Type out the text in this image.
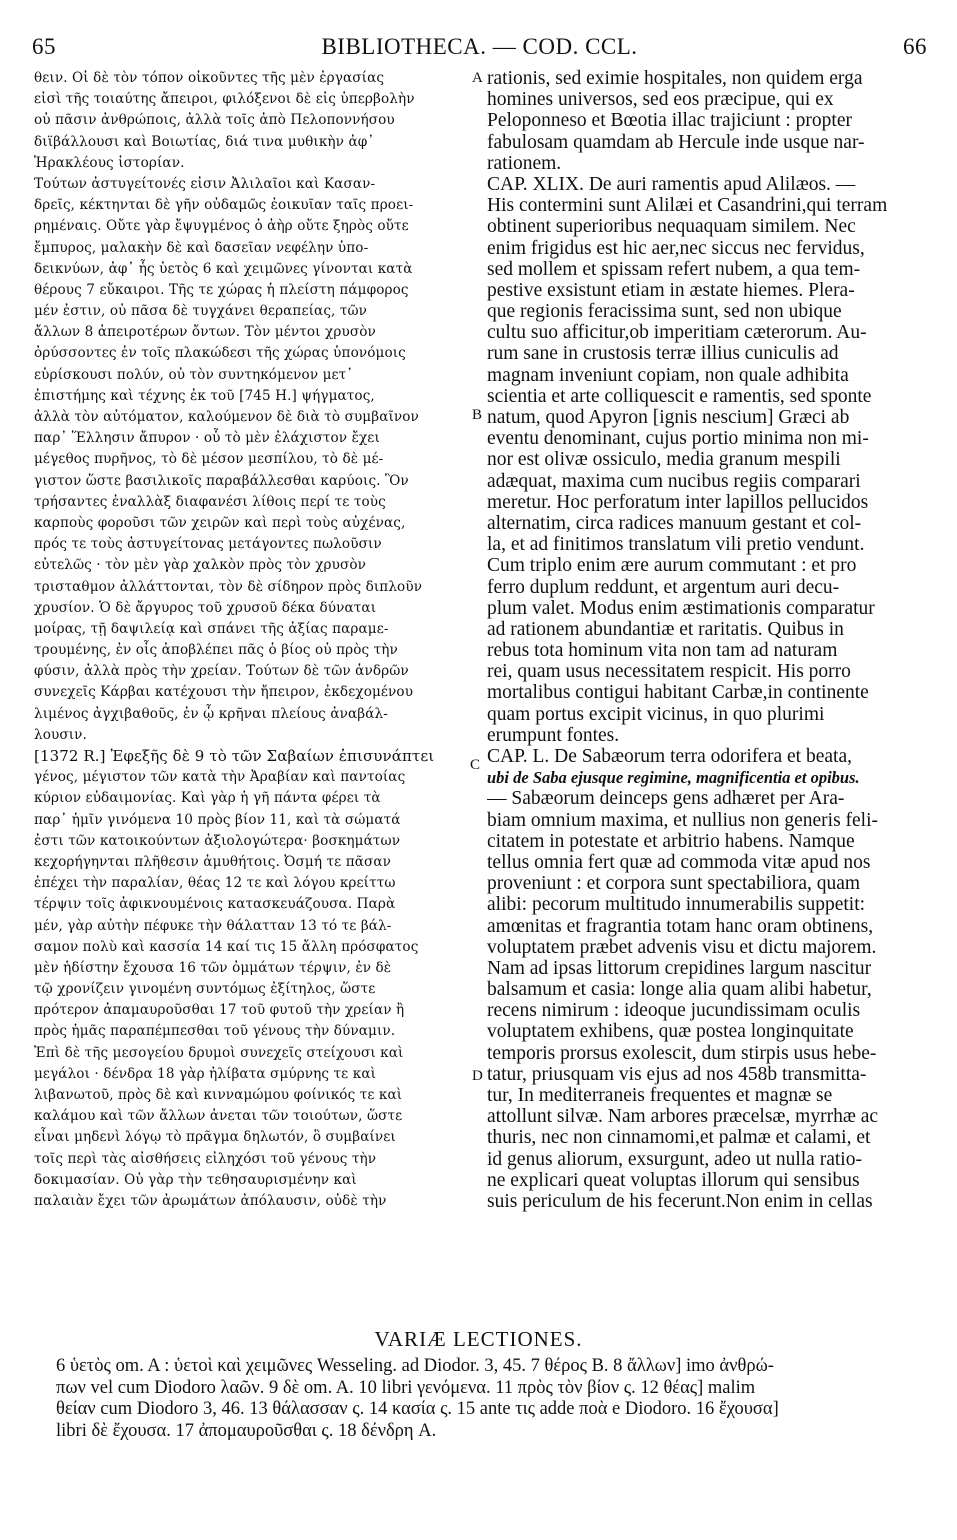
65	BIBLIOTHECA. — COD. CCL.	66
θειν. Οἱ δὲ τὸν τόπον οἰκοῦντες τῆς μὲν ἐργασίας
εἰσὶ τῆς τοιαύτης ἄπειροι, φιλόξενοι δὲ εἰς ὑπερβολὴν
οὐ πᾶσιν ἀνθρώποις, ἀλλὰ τοῖς ἀπὸ Πελοποννήσου
διϊβάλλουσι καὶ Βοιωτίας, διά τινα μυθικὴν ἀφ᾽
Ἡρακλέους ἱστορίαν.
Τούτων ἀστυγείτονές εἰσιν Ἀλιλαῖοι καὶ Κασαν-
δρεῖς, κέκτηνται δὲ γῆν οὐδαμῶς ἐοικυῖαν ταῖς προει-
ρημέναις. Οὔτε γὰρ ἔψυγμένος ὁ ἀὴρ οὔτε ξηρὸς οὔτε
ἔμπυρος, μαλακὴν δὲ καὶ δασεῖαν νεφέλην ὑπο-
δεικνύων, ἀφ᾽ ἧς ὑετὸς 6 καὶ χειμῶνες γίνονται κατὰ
θέρους 7 εὔκαιροι. Τῆς τε χώρας ἡ πλείστη πάμφορος
μέν ἐστιν, οὐ πᾶσα δὲ τυγχάνει θεραπείας, τῶν
ἄλλων 8 ἀπειροτέρων ὄντων. Τὸν μέντοι χρυσὸν
ὀρύσσοντες ἐν τοῖς πλακώδεσι τῆς χώρας ὑπονόμοις
εὑρίσκουσι πολύν, οὐ τὸν συντηκόμενον μετ᾽
ἐπιστήμης καὶ τέχνης ἐκ τοῦ [745 H.] ψήγματος,
ἀλλὰ τὸν αὐτόματον, καλούμενον δὲ διὰ τὸ συμβαῖνον
παρ᾽ Ἕλλησιν ἄπυρον · οὗ τὸ μὲν ἐλάχιστον ἔχει
μέγεθος πυρῆνος, τὸ δὲ μέσον μεσπίλου, τὸ δὲ μέ-
γιστον ὥστε βασιλικοῖς παραβάλλεσθαι καρύοις. Ὃν
τρήσαντες ἐναλλὰξ διαφανέσι λίθοις περί τε τοὺς
καρποὺς φοροῦσι τῶν χειρῶν καὶ περὶ τοὺς αὐχένας,
πρός τε τοὺς ἀστυγείτονας μετάγοντες πωλοῦσιν
εὐτελῶς · τὸν μὲν γὰρ χαλκὸν πρὸς τὸν χρυσὸν
τρισταθμον ἀλλάττονται, τὸν δὲ σίδηρον πρὸς διπλοῦν
χρυσίον. Ὁ δὲ ἄργυρος τοῦ χρυσοῦ δέκα δύναται
μοίρας, τῇ δαψιλείᾳ καὶ σπάνει τῆς ἀξίας παραμε-
τρουμένης, ἐν οἷς ἀποβλέπει πᾶς ὁ βίος οὐ πρὸς τὴν
φύσιν, ἀλλὰ πρὸς τὴν χρείαν. Τούτων δὲ τῶν ἀνδρῶν
συνεχεῖς Κάρβαι κατέχουσι τὴν ἤπειρον, ἐκδεχομένου
λιμένος ἀγχιβαθοῦς, ἐν ᾧ κρῆναι πλείους ἀναβάλ-
λουσιν.
[1372 R.] Ἐφεξῆς δὲ 9 τὸ τῶν Σαβαίων ἐπισυνάπτει
γένος, μέγιστον τῶν κατὰ τὴν Ἀραβίαν καὶ παντοίας
κύριον εὐδαιμονίας. Καὶ γὰρ ἡ γῆ πάντα φέρει τὰ
παρ᾽ ἡμῖν γινόμενα 10 πρὸς βίον 11, καὶ τὰ σώματά
ἐστι τῶν κατοικούντων ἀξιολογώτερα· βοσκημάτων
κεχορήγηνται πλῆθεσιν ἀμυθήτοις. Ὀσμή τε πᾶσαν
ἐπέχει τὴν παραλίαν, θέας 12 τε καὶ λόγου κρείττω
τέρψιν τοῖς ἀφικνουμένοις κατασκευάζουσα. Παρὰ
μέν, γὰρ αὐτὴν πέφυκε τὴν θάλατταν 13 τό τε βάλ-
σαμον πολὺ καὶ κασσία 14 καί τις 15 ἄλλη πρόσφατος
μὲν ἡδίστην ἔχουσα 16 τῶν ὀμμάτων τέρψιν, ἐν δὲ
τῷ χρονίζειν γινομένη συντόμως ἐξίτηλος, ὥστε
πρότερον ἀπαμαυροῦσθαι 17 τοῦ φυτοῦ τὴν χρείαν ἢ
πρὸς ἡμᾶς παραπέμπεσθαι τοῦ γένους τὴν δύναμιν.
Ἐπὶ δὲ τῆς μεσογείου δρυμοὶ συνεχεῖς στείχουσι καὶ
μεγάλοι · δένδρα 18 γὰρ ἠλίβατα σμύρνης τε καὶ
λιβανωτοῦ, πρὸς δὲ καὶ κινναμώμου φοίνικός τε καὶ
καλάμου καὶ τῶν ἄλλων ἀνεται τῶν τοιούτων, ὥστε
εἶναι μηδενὶ λόγῳ τὸ πρᾶγμα δηλωτόν, ὃ συμβαίνει
τοῖς περὶ τὰς αἰσθήσεις εἰληχόσι τοῦ γένους τὴν
δοκιμασίαν. Οὐ γὰρ τὴν τεθησαυρισμένην καὶ
παλαιὰν ἔχει τῶν ἀρωμάτων ἀπόλαυσιν, οὐδὲ τὴν
A
B
C
D
rationis, sed eximie hospitales, non quidem erga
homines universos, sed eos præcipue, qui ex
Peloponneso et Bœotia illac trajiciunt : propter
fabulosam quamdam ab Hercule inde usque nar-
rationem.
CAP. XLIX. De auri ramentis apud Alilæos. —
His contermini sunt Alilæi et Casandrini,qui terram
obtinent superioribus nequaquam similem. Nec
enim frigidus est hic aer,nec siccus nec fervidus,
sed mollem et spissam refert nubem, a qua tem-
pestive exsistunt etiam in æstate hiemes. Plera-
que regionis feracissima sunt, sed non ubique
cultu suo afficitur,ob imperitiam cæterorum. Au-
rum sane in crustosis terræ illius cuniculis ad
magnam inveniunt copiam, non quale adhibita
scientia et arte colliquescit e ramentis, sed sponte
natum, quod Apyron [ignis nescium] Græci ab
eventu denominant, cujus portio minima non mi-
nor est olivæ ossiculo, media granum mespili
adæquat, maxima cum nucibus regiis comparari
meretur. Hoc perforatum inter lapillos pellucidos
alternatim, circa radices manuum gestant et col-
la, et ad finitimos translatum vili pretio vendunt.
Cum triplo enim ære aurum commutant : et pro
ferro duplum reddunt, et argentum auri decu-
plum valet. Modus enim æstimationis comparatur
ad rationem abundantiæ et raritatis. Quibus in
rebus tota hominum vita non tam ad naturam
rei, quam usus necessitatem respicit. His porro
mortalibus contigui habitant Carbæ,in continente
quam portus excipit vicinus, in quo plurimi
erumpunt fontes.
CAP. L. De Sabæorum terra odorifera et beata,
ubi de Saba ejusque regimine, magnificentia et opibus.
— Sabæorum deinceps gens adhæret per Ara-
biam omnium maxima, et nullius non generis feli-
citatem in potestate et arbitrio habens. Namque
tellus omnia fert quæ ad commoda vitæ apud nos
proveniunt : et corpora sunt spectabiliora, quam
alibi: pecorum multitudo innumerabilis suppetit:
amœnitas et fragrantia totam hanc oram obtinens,
voluptatem præbet advenis visu et dictu majorem.
Nam ad ipsas littorum crepidines largum nascitur
balsamum et casia: longe alia quam alibi habetur,
recens nimirum : ideoque jucundissimam oculis
voluptatem exhibens, quæ postea longinquitate
temporis prorsus exolescit, dum stirpis usus hebe-
tatur, priusquam vis ejus ad nos 458b transmitta-
tur, In mediterraneis frequentes et magnæ se
attollunt silvæ. Nam arbores præcelsæ, myrrhæ ac
thuris, nec non cinnamomi,et palmæ et calami, et
id genus aliorum, exsurgunt, adeo ut nulla ratio-
ne explicari queat voluptas illorum qui sensibus
suis periculum de his fecerunt.Non enim in cellas
VARIÆ LECTIONES.
6 ὑετὸς om. A : ὑετοὶ καὶ χειμῶνες Wesseling. ad Diodor. 3, 45. 7 θέρος B. 8 ἄλλων] imo ἀνθρώ-
πων vel cum Diodoro λαῶν. 9 δὲ om. A. 10 libri γενόμενα. 11 πρὸς τὸν βίον ς. 12 θέας] malim
θείαν cum Diodoro 3, 46. 13 θάλασσαν ς. 14 κασία ς. 15 ante τις adde ποὰ e Diodoro. 16 ἔχουσα]
libri δὲ ἔχουσα. 17 ἀπομαυροῦσθαι ς. 18 δένδρη A.
